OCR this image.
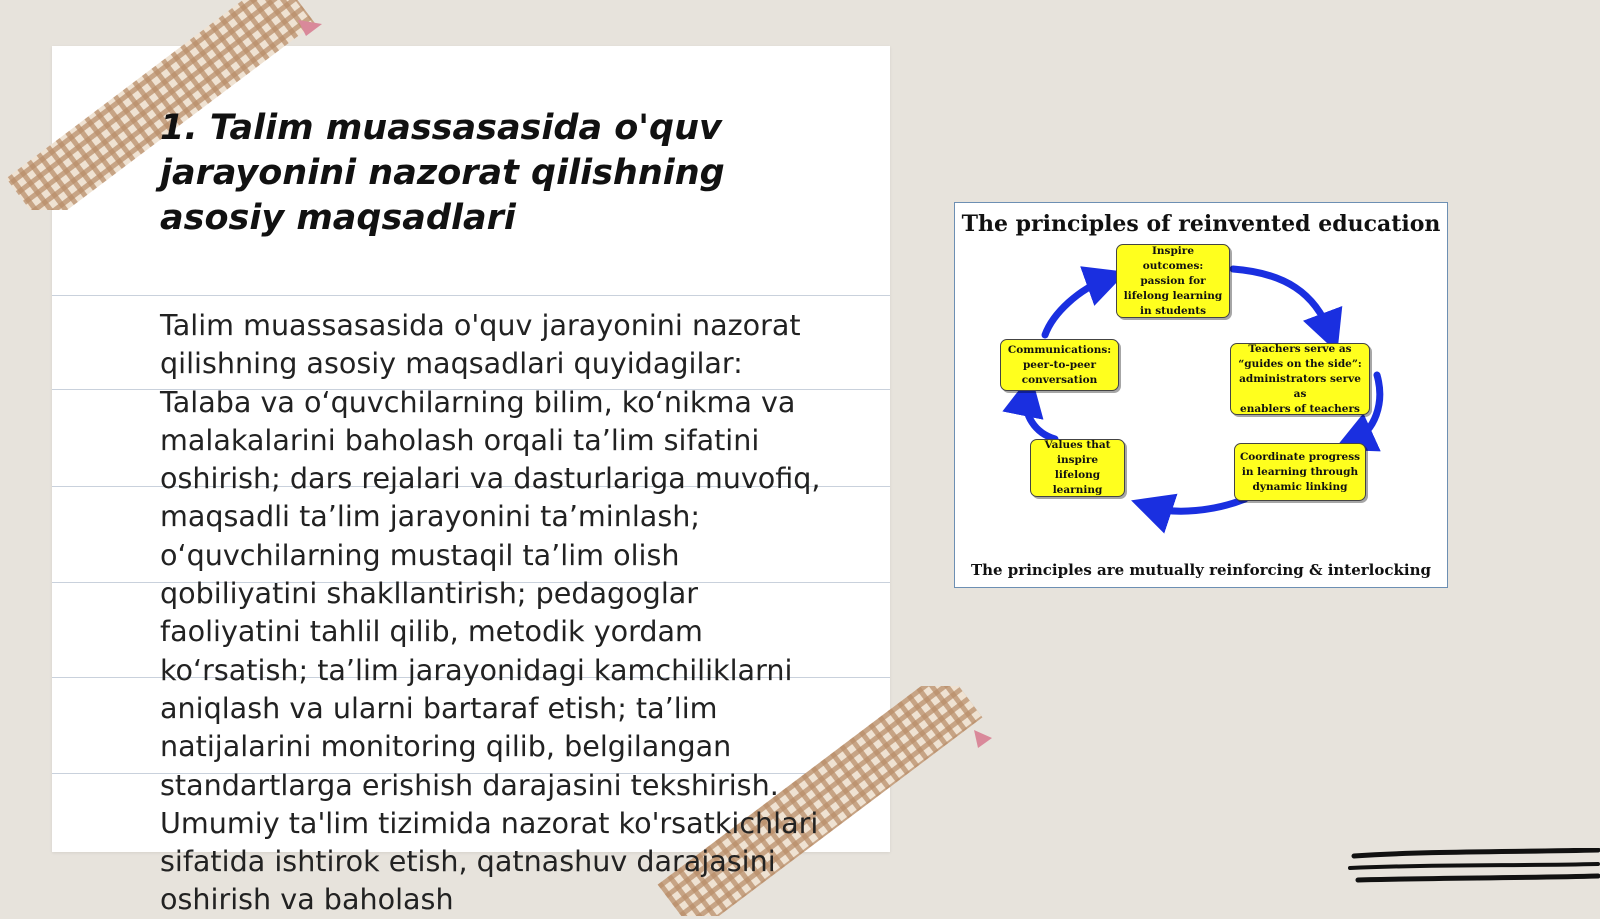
1. Talim muassasasida o'quv jarayonini nazorat qilishning asosiy maqsadlari

Talim muassasasida o'quv jarayonini nazorat qilishning asosiy maqsadlari quyidagilar: Talaba va o‘quvchilarning bilim, ko‘nikma va malakalarini baholash orqali ta’lim sifatini oshirish; dars rejalari va dasturlariga muvofiq, maqsadli ta’lim jarayonini ta’minlash; o‘quvchilarning mustaqil ta’lim olish qobiliyatini shakllantirish; pedagoglar faoliyatini tahlil qilib, metodik yordam ko‘rsatish; ta’lim jarayonidagi kamchiliklarni aniqlash va ularni bartaraf etish; ta’lim natijalarini monitoring qilib, belgilangan standartlarga erishish darajasini tekshirish. Umumiy ta'lim tizimida nazorat ko'rsatkichlari sifatida ishtirok etish, qatnashuv darajasini oshirish va baholash

The principles of reinvented education
Inspire outcomes:
passion for
lifelong learning
in students
Teachers serve as
“guides on the side”:
administrators serve as
enablers of teachers
Coordinate progress
in learning through
dynamic linking
Values that
inspire lifelong
learning
Communications:
peer-to-peer
conversation
The principles are mutually reinforcing & interlocking
